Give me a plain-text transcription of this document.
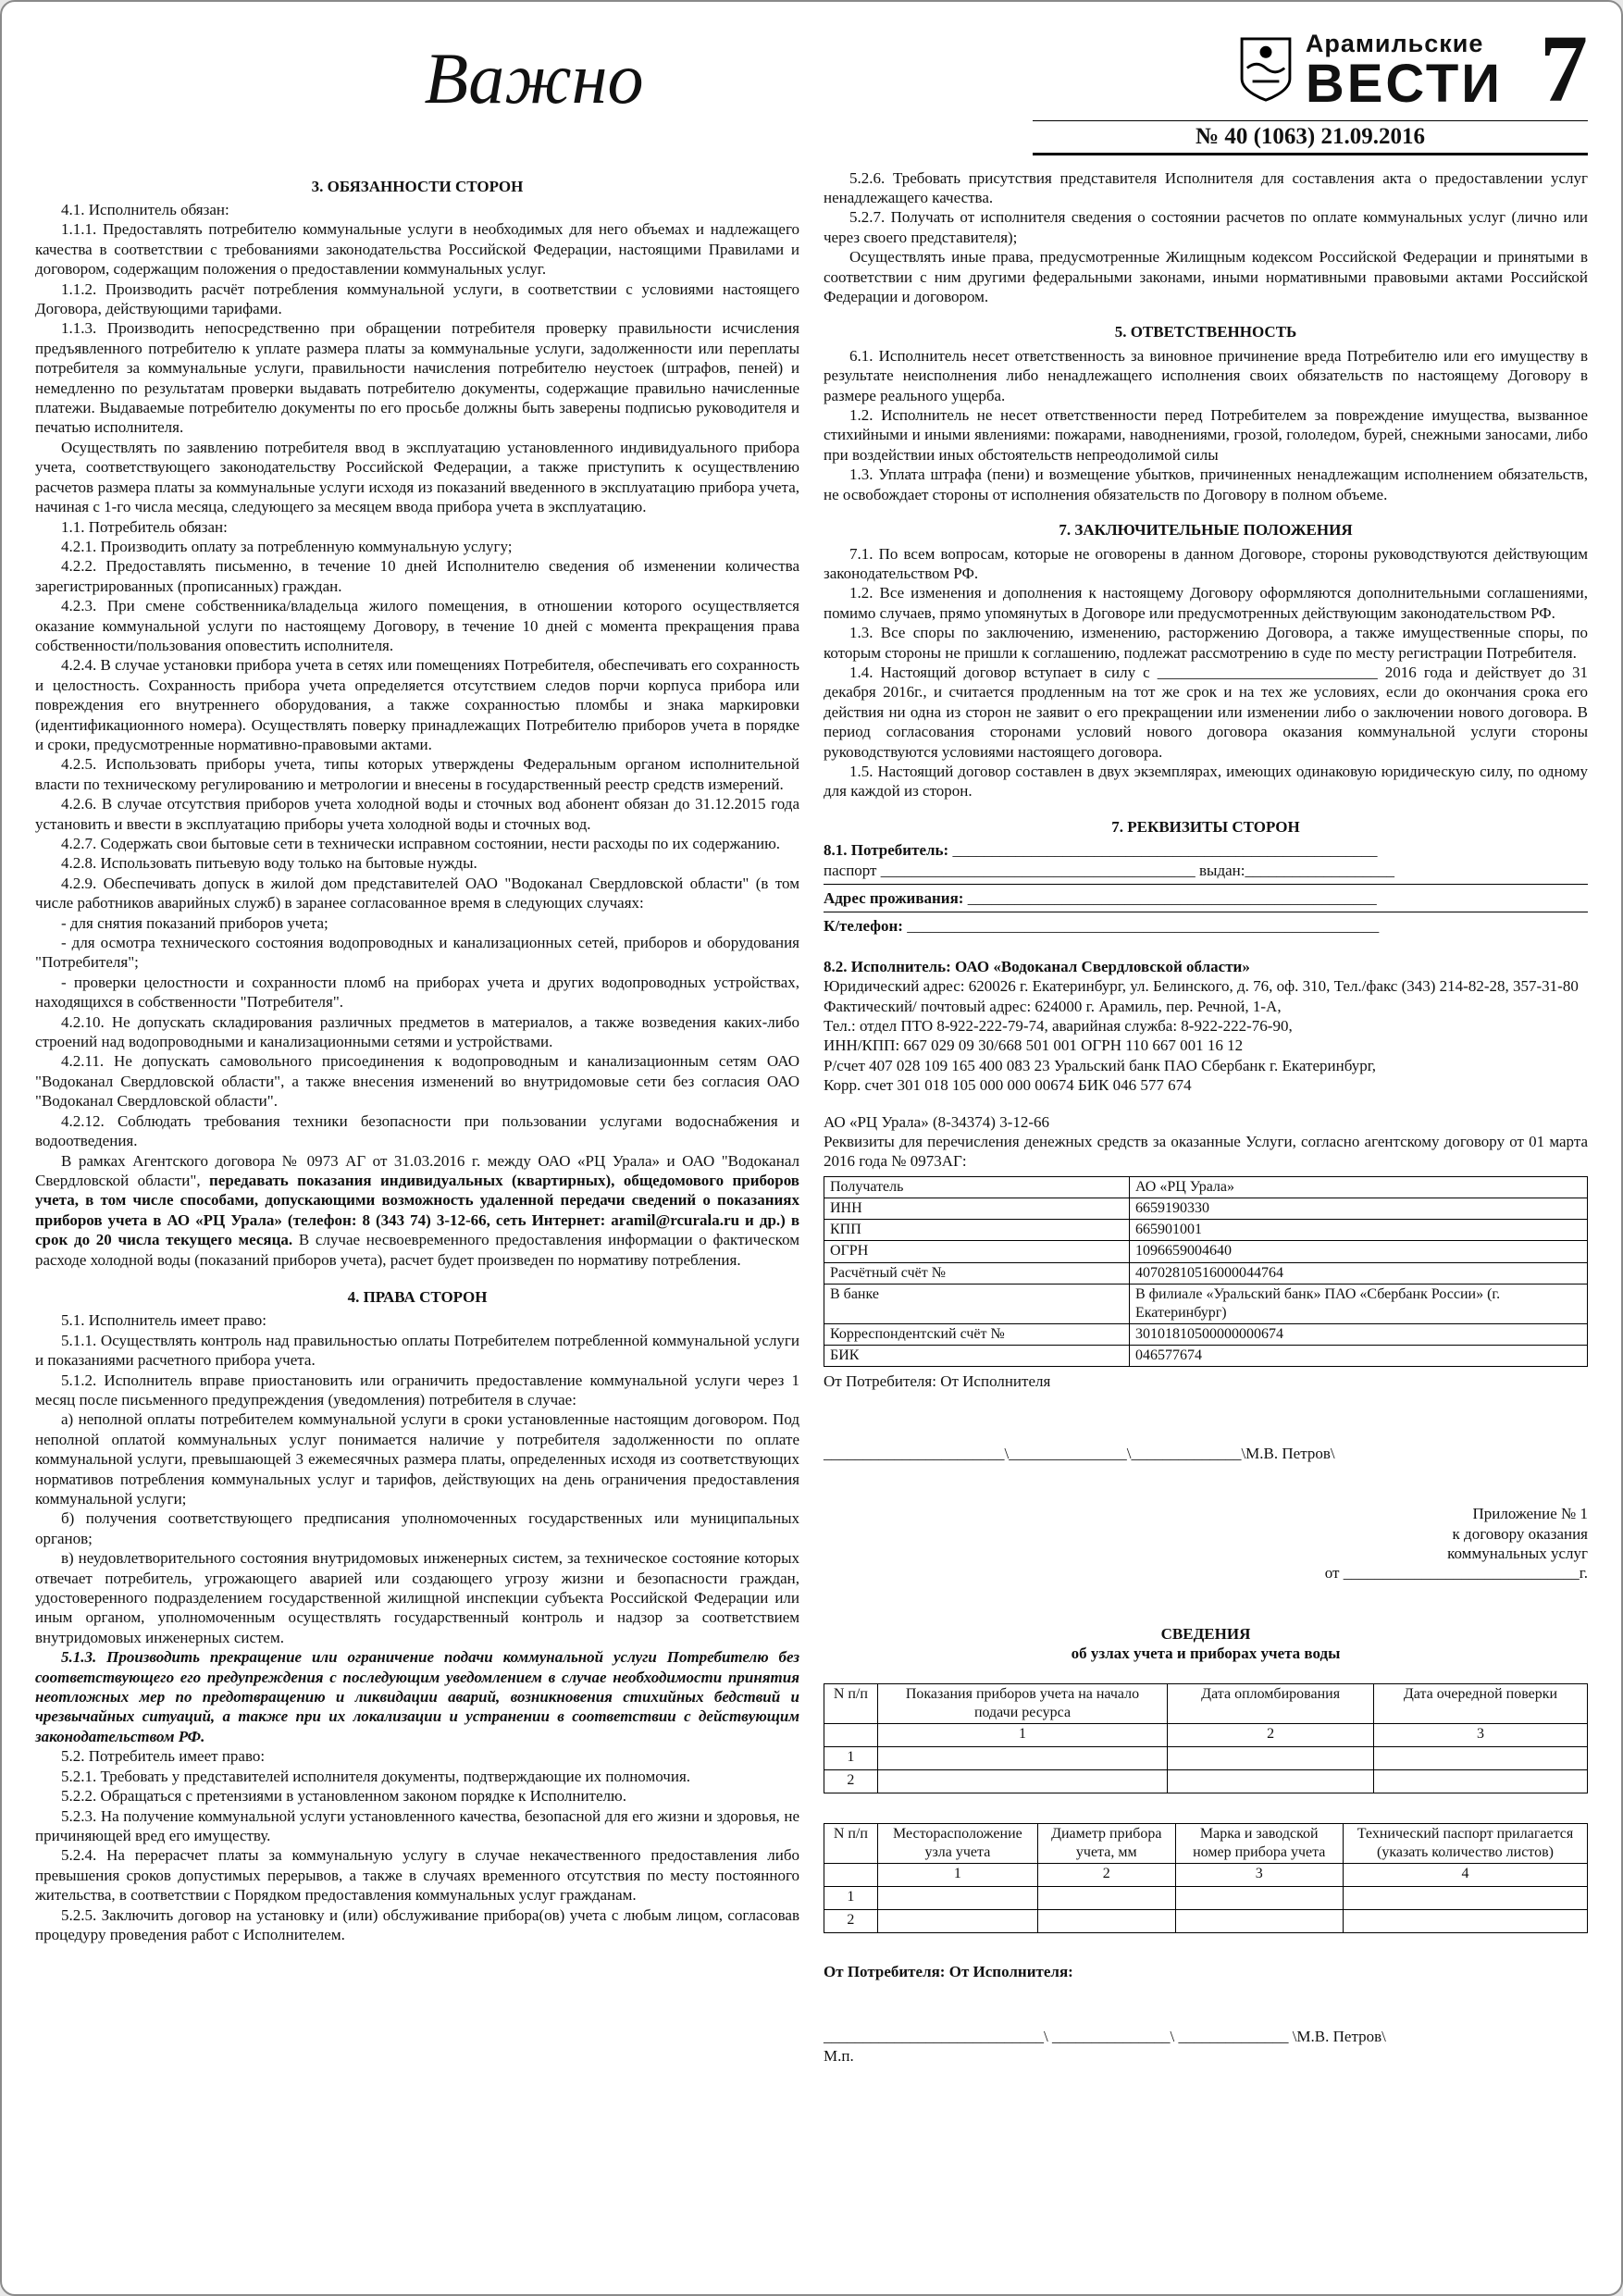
Важно	Арамильские
ВЕСТИ 7
№ 40 (1063) 21.09.2016
3. ОБЯЗАННОСТИ СТОРОН
4.1. Исполнитель обязан:
1.1.1. Предоставлять потребителю коммунальные услуги в необходимых для него объемах и надлежащего качества в соответствии с требованиями законодательства Российской Федерации, настоящими Правилами и договором, содержащим положения о предоставлении коммунальных услуг.
1.1.2. Производить расчёт потребления коммунальной услуги, в соответствии с условиями настоящего Договора, действующими тарифами.
1.1.3. Производить непосредственно при обращении потребителя проверку правильности исчисления предъявленного потребителю к уплате размера платы за коммунальные услуги, задолженности или переплаты потребителя за коммунальные услуги, правильности начисления потребителю неустоек (штрафов, пеней) и немедленно по результатам проверки выдавать потребителю документы, содержащие правильно начисленные платежи. Выдаваемые потребителю документы по его просьбе должны быть заверены подписью руководителя и печатью исполнителя.
Осуществлять по заявлению потребителя ввод в эксплуатацию установленного индивидуального прибора учета, соответствующего законодательству Российской Федерации, а также приступить к осуществлению расчетов размера платы за коммунальные услуги исходя из показаний введенного в эксплуатацию прибора учета, начиная с 1-го числа месяца, следующего за месяцем ввода прибора учета в эксплуатацию.
1.1. Потребитель обязан:
4.2.1. Производить оплату за потребленную коммунальную услугу;
4.2.2. Предоставлять письменно, в течение 10 дней Исполнителю сведения об изменении количества зарегистрированных (прописанных) граждан.
4.2.3. При смене собственника/владельца жилого помещения, в отношении которого осуществляется оказание коммунальной услуги по настоящему Договору, в течение 10 дней с момента прекращения права собственности/пользования оповестить исполнителя.
4.2.4. В случае установки прибора учета в сетях или помещениях Потребителя, обеспечивать его сохранность и целостность. Сохранность прибора учета определяется отсутствием следов порчи корпуса прибора или повреждения его внутреннего оборудования, а также сохранностью пломбы и знака маркировки (идентификационного номера). Осуществлять поверку принадлежащих Потребителю приборов учета в порядке и сроки, предусмотренные нормативно-правовыми актами.
4.2.5. Использовать приборы учета, типы которых утверждены Федеральным органом исполнительной власти по техническому регулированию и метрологии и внесены в государственный реестр средств измерений.
4.2.6. В случае отсутствия приборов учета холодной воды и сточных вод абонент обязан до 31.12.2015 года установить и ввести в эксплуатацию приборы учета холодной воды и сточных вод.
4.2.7. Содержать свои бытовые сети в технически исправном состоянии, нести расходы по их содержанию.
4.2.8. Использовать питьевую воду только на бытовые нужды.
4.2.9. Обеспечивать допуск в жилой дом представителей ОАО "Водоканал Свердловской области" (в том числе работников аварийных служб) в заранее согласованное время в следующих случаях:
- для снятия показаний приборов учета;
- для осмотра технического состояния водопроводных и канализационных сетей, приборов и оборудования "Потребителя";
- проверки целостности и сохранности пломб на приборах учета и других водопроводных устройствах, находящихся в собственности "Потребителя".
4.2.10. Не допускать складирования различных предметов в материалов, а также возведения каких-либо строений над водопроводными и канализационными сетями и устройствами.
4.2.11. Не допускать самовольного присоединения к водопроводным и канализационным сетям ОАО "Водоканал Свердловской области", а также внесения изменений во внутридомовые сети без согласия ОАО "Водоканал Свердловской области".
4.2.12. Соблюдать требования техники безопасности при пользовании услугами водоснабжения и водоотведения.
В рамках Агентского договора № 0973 АГ от 31.03.2016 г. между ОАО «РЦ Урала» и ОАО "Водоканал Свердловской области", передавать показания индивидуальных (квартирных), общедомового приборов учета, в том числе способами, допускающими возможность удаленной передачи сведений о показаниях приборов учета в АО «РЦ Урала» (телефон: 8 (343 74) 3-12-66, сеть Интернет: aramil@rcurala.ru и др.) в срок до 20 числа текущего месяца. В случае несвоевременного предоставления информации о фактическом расходе холодной воды (показаний приборов учета), расчет будет произведен по нормативу потребления.
4. ПРАВА СТОРОН
5.1. Исполнитель имеет право:
5.1.1. Осуществлять контроль над правильностью оплаты Потребителем потребленной коммунальной услуги и показаниями расчетного прибора учета.
5.1.2. Исполнитель вправе приостановить или ограничить предоставление коммунальной услуги через 1 месяц после письменного предупреждения (уведомления) потребителя в случае:
а) неполной оплаты потребителем коммунальной услуги в сроки установленные настоящим договором. Под неполной оплатой коммунальных услуг понимается наличие у потребителя задолженности по оплате коммунальной услуги, превышающей 3 ежемесячных размера платы, определенных исходя из соответствующих нормативов потребления коммунальных услуг и тарифов, действующих на день ограничения предоставления коммунальной услуги;
б) получения соответствующего предписания уполномоченных государственных или муниципальных органов;
в) неудовлетворительного состояния внутридомовых инженерных систем, за техническое состояние которых отвечает потребитель, угрожающего аварией или создающего угрозу жизни и безопасности граждан, удостоверенного подразделением государственной жилищной инспекции субъекта Российской Федерации или иным органом, уполномоченным осуществлять государственный контроль и надзор за соответствием внутридомовых инженерных систем.
5.1.3. Производить прекращение или ограничение подачи коммунальной услуги Потребителю без соответствующего его предупреждения с последующим уведомлением в случае необходимости принятия неотложных мер по предотвращению и ликвидации аварий, возникновения стихийных бедствий и чрезвычайных ситуаций, а также при их локализации и устранении в соответствии с действующим законодательством РФ.
5.2. Потребитель имеет право:
5.2.1. Требовать у представителей исполнителя документы, подтверждающие их полномочия.
5.2.2. Обращаться с претензиями в установленном законом порядке к Исполнителю.
5.2.3. На получение коммунальной услуги установленного качества, безопасной для его жизни и здоровья, не причиняющей вред его имуществу.
5.2.4. На перерасчет платы за коммунальную услугу в случае некачественного предоставления либо превышения сроков допустимых перерывов, а также в случаях временного отсутствия по месту постоянного жительства, в соответствии с Порядком предоставления коммунальных услуг гражданам.
5.2.5. Заключить договор на установку и (или) обслуживание прибора(ов) учета с любым лицом, согласовав процедуру проведения работ с Исполнителем.
5.2.6. Требовать присутствия представителя Исполнителя для составления акта о предоставлении услуг ненадлежащего качества.
5.2.7. Получать от исполнителя сведения о состоянии расчетов по оплате коммунальных услуг (лично или через своего представителя);
Осуществлять иные права, предусмотренные Жилищным кодексом Российской Федерации и принятыми в соответствии с ним другими федеральными законами, иными нормативными правовыми актами Российской Федерации и договором.
5. ОТВЕТСТВЕННОСТЬ
6.1. Исполнитель несет ответственность за виновное причинение вреда Потребителю или его имуществу в результате неисполнения либо ненадлежащего исполнения своих обязательств по настоящему Договору в размере реального ущерба.
1.2. Исполнитель не несет ответственности перед Потребителем за повреждение имущества, вызванное стихийными и иными явлениями: пожарами, наводнениями, грозой, гололедом, бурей, снежными заносами, либо при воздействии иных обстоятельств непреодолимой силы
1.3. Уплата штрафа (пени) и возмещение убытков, причиненных ненадлежащим исполнением обязательств, не освобождает стороны от исполнения обязательств по Договору в полном объеме.
7. ЗАКЛЮЧИТЕЛЬНЫЕ ПОЛОЖЕНИЯ
7.1. По всем вопросам, которые не оговорены в данном Договоре, стороны руководствуются действующим законодательством РФ.
1.2. Все изменения и дополнения к настоящему Договору оформляются дополнительными соглашениями, помимо случаев, прямо упомянутых в Договоре или предусмотренных действующим законодательством РФ.
1.3. Все споры по заключению, изменению, расторжению Договора, а также имущественные споры, по которым стороны не пришли к соглашению, подлежат рассмотрению в суде по месту регистрации Потребителя.
1.4. Настоящий договор вступает в силу с ____________________________ 2016 года и действует до 31 декабря 2016г., и считается продленным на тот же срок и на тех же условиях, если до окончания срока его действия ни одна из сторон не заявит о его прекращении или изменении либо о заключении нового договора. В период согласования сторонами условий нового договора оказания коммунальной услуги стороны руководствуются условиями настоящего договора.
1.5. Настоящий договор составлен в двух экземплярах, имеющих одинаковую юридическую силу, по одному для каждой из сторон.
7. РЕКВИЗИТЫ СТОРОН
8.1. Потребитель: ______________________________________________________
паспорт ________________________________________ выдан:___________________
Адрес проживания: ____________________________________________________
К/телефон: ____________________________________________________________
8.2. Исполнитель: ОАО «Водоканал Свердловской области»
Юридический адрес: 620026 г. Екатеринбург, ул. Белинского, д. 76, оф. 310, Тел./факс (343) 214-82-28, 357-31-80
Фактический/ почтовый адрес: 624000 г. Арамиль, пер. Речной, 1-А,
Тел.: отдел ПТО 8-922-222-79-74, аварийная служба: 8-922-222-76-90,
ИНН/КПП: 667 029 09 30/668 501 001 ОГРН 110 667 001 16 12
Р/счет 407 028 109 165 400 083 23 Уральский банк ПАО Сбербанк г. Екатеринбург,
Корр. счет 301 018 105 000 000 00674 БИК 046 577 674
АО «РЦ Урала» (8-34374) 3-12-66
Реквизиты для перечисления денежных средств за оказанные Услуги, согласно агентскому договору от 01 марта 2016 года № 0973АГ:
Получатель	АО «РЦ Урала»
ИНН	6659190330
КПП	665901001
ОГРН	1096659004640
Расчётный счёт №	40702810516000044764
В банке	В филиале «Уральский банк» ПАО «Сбербанк России» (г. Екатеринбург)
Корреспондентский счёт №	30101810500000000674
БИК	046577674
От Потребителя: От Исполнителя
_______________________\_______________\______________\М.В. Петров\
Приложение № 1
к договору оказания
коммунальных услуг
от ______________________________г.
СВЕДЕНИЯ
об узлах учета и приборах учета воды
N п/п	Показания приборов учета на начало подачи ресурса	Дата опломбирования	Дата очередной поверки
	1	2	3
1			
2			
N п/п	Месторасположение узла учета	Диаметр прибора учета, мм	Марка и заводской номер прибора учета	Технический паспорт прилагается (указать количество листов)
	1	2	3	4
1				
2				
От Потребителя: От Исполнителя:
____________________________\ _______________\ ______________ \М.В. Петров\
М.п.
